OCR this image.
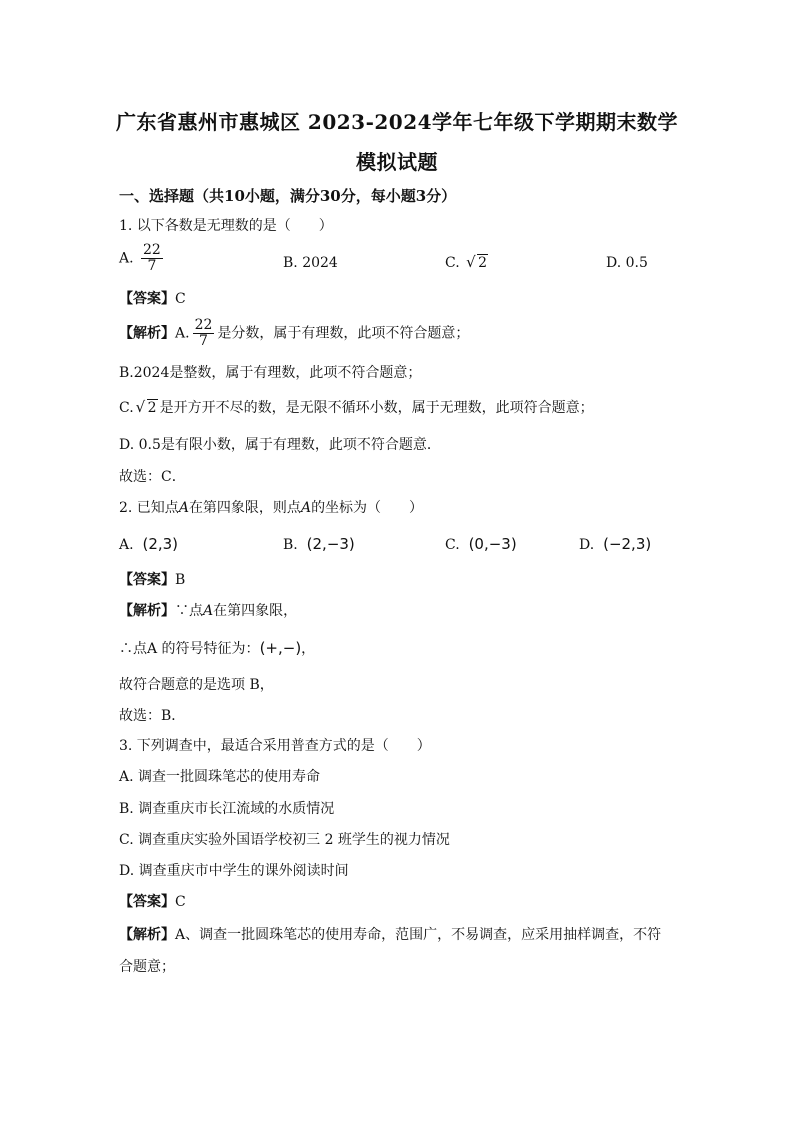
广东省惠州市惠城区 2023-2024学年七年级下学期期末数学
模拟试题
一、选择题（共10小题，满分30分，每小题3分）
1. 以下各数是无理数的是（　　）
A. $\frac{22}{7}$	B. 2024	C. √ 2	D. 0.5
【答案】C
【解析】A. $\frac{22}{7}$ 是分数，属于有理数，此项不符合题意；
B.2024是整数，属于有理数，此项不符合题意；
C. √ 2 是开方开不尽的数，是无限不循环小数，属于无理数，此项符合题意；
D. 0.5是有限小数，属于有理数，此项不符合题意．
故选：C．
2. 已知点A在第四象限，则点A的坐标为（　　）
A. (2,3)	B. (2,−3)	C. (0,−3)	D. (−2,3)
【答案】B
【解析】∵点A在第四象限，
∴点A 的符号特征为：(+,−)，
故符合题意的是选项 B，
故选：B．
3. 下列调查中，最适合采用普查方式的是（　　）
A. 调查一批圆珠笔芯的使用寿命
B. 调查重庆市长江流域的水质情况
C. 调查重庆实验外国语学校初三 2 班学生的视力情况
D. 调查重庆市中学生的课外阅读时间
【答案】C
【解析】A、调查一批圆珠笔芯的使用寿命，范围广，不易调查，应采用抽样调查，不符
合题意；
